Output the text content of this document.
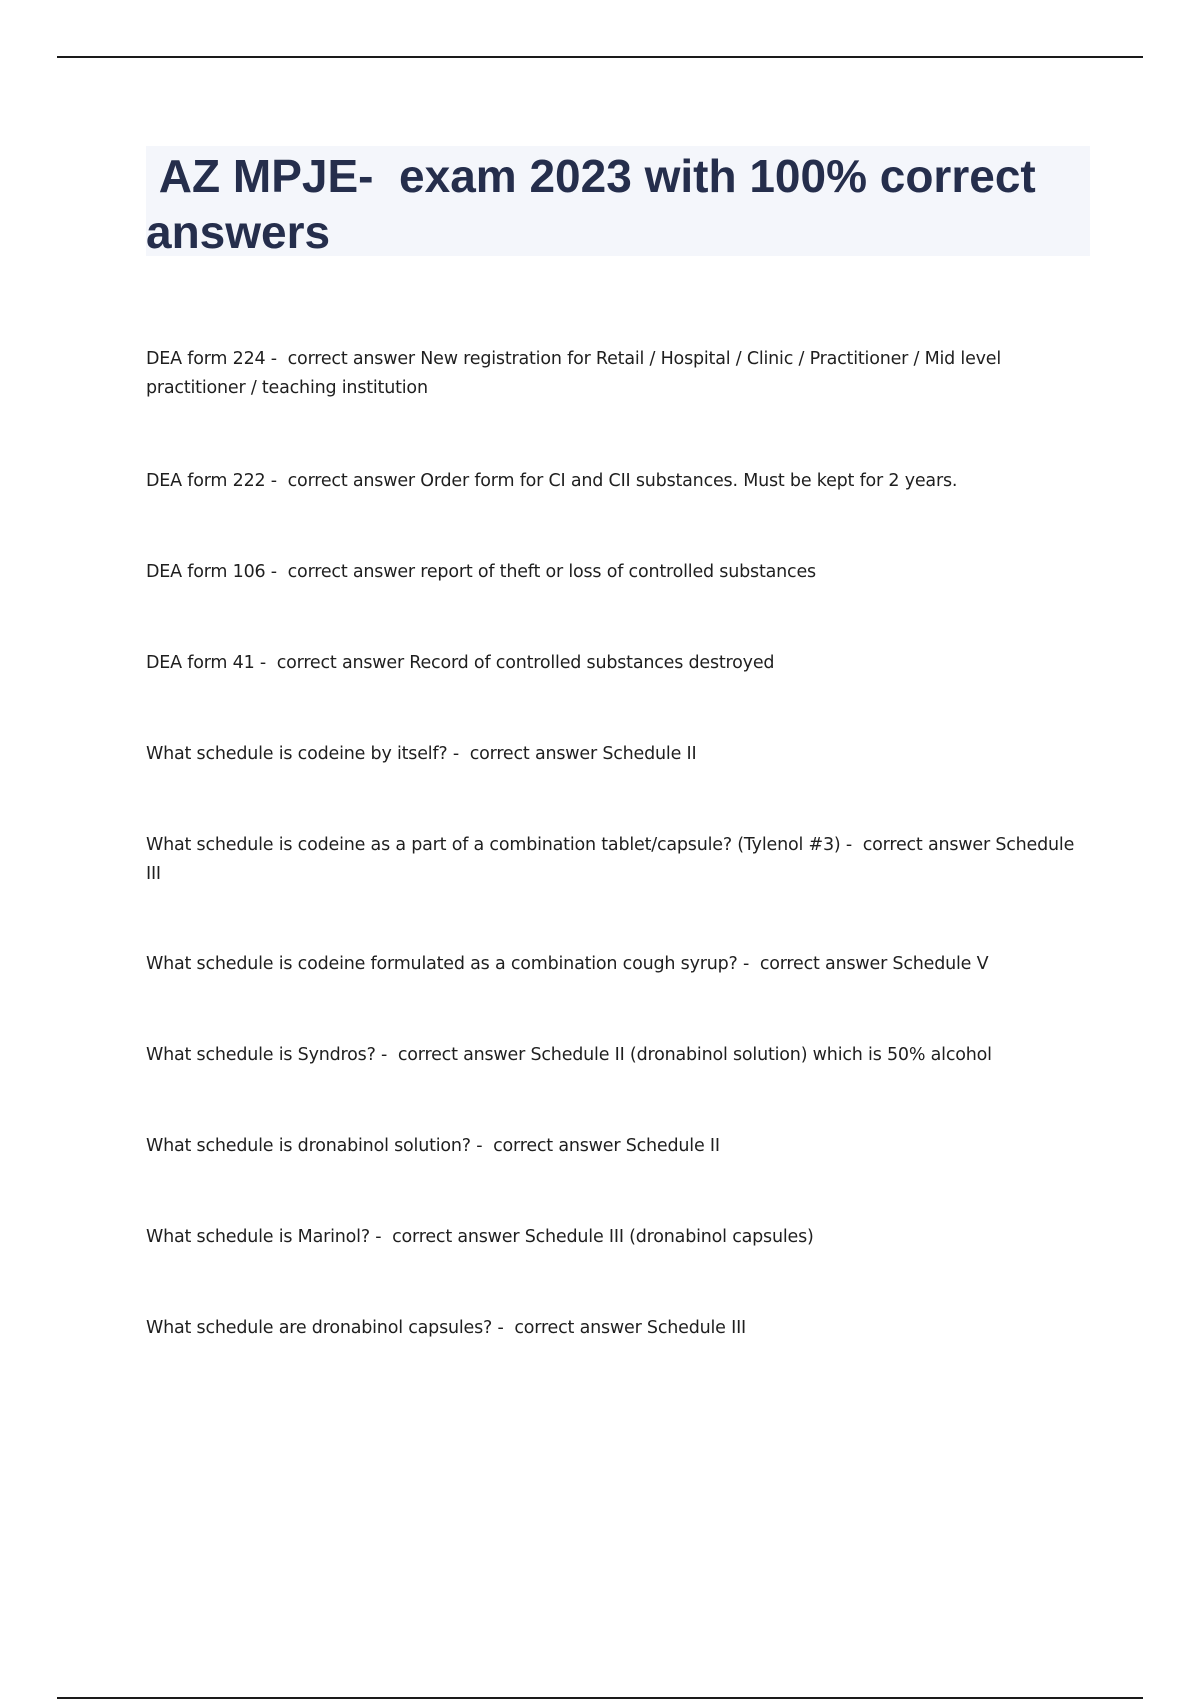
AZ MPJE-  exam 2023 with 100% correct answers

DEA form 224 -  correct answer New registration for Retail / Hospital / Clinic / Practitioner / Mid level practitioner / teaching institution

DEA form 222 -  correct answer Order form for CI and CII substances. Must be kept for 2 years.

DEA form 106 -  correct answer report of theft or loss of controlled substances

DEA form 41 -  correct answer Record of controlled substances destroyed

What schedule is codeine by itself? -  correct answer Schedule II

What schedule is codeine as a part of a combination tablet/capsule? (Tylenol #3) -  correct answer Schedule III

What schedule is codeine formulated as a combination cough syrup? -  correct answer Schedule V

What schedule is Syndros? -  correct answer Schedule II (dronabinol solution) which is 50% alcohol

What schedule is dronabinol solution? -  correct answer Schedule II

What schedule is Marinol? -  correct answer Schedule III (dronabinol capsules)

What schedule are dronabinol capsules? -  correct answer Schedule III
